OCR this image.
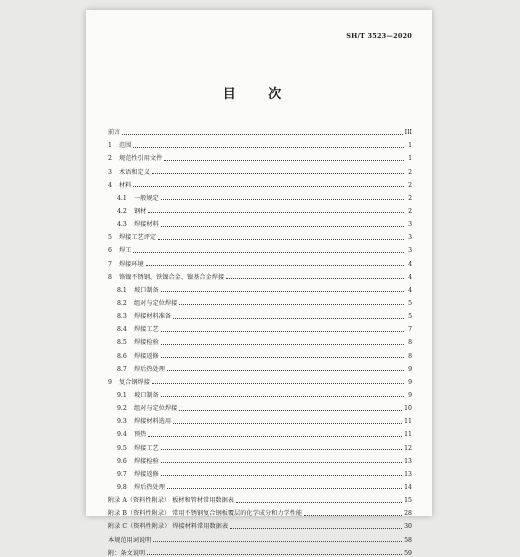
SH/T 3523—2020
目 次
前言	III
1	范围	1
2	规范性引用文件	1
3	术语和定义	2
4	材料	2
4.1	一般规定	2
4.2	钢材	2
4.3	焊接材料	3
5	焊接工艺评定	3
6	焊工	3
7	焊接环境	4
8	铬镍不锈钢、铁镍合金、镍基合金焊接	4
8.1	坡口制备	4
8.2	组对与定位焊接	5
8.3	焊接材料准备	5
8.4	焊接工艺	7
8.5	焊接检验	8
8.6	焊接返修	8
8.7	焊后热处理	9
9	复合钢焊接	9
9.1	坡口制备	9
9.2	组对与定位焊接	10
9.3	焊接材料选用	11
9.4	预热	11
9.5	焊接工艺	12
9.6	焊接检验	13
9.7	焊接返修	13
9.8	焊后热处理	14
附录 A（资料性附录） 板材和管材常用数据表	15
附录 B（资料性附录） 常用不锈钢复合钢板覆层的化学成分和力学性能	28
附录 C（资料性附录） 焊接材料常用数据表	30
本规范用词说明	58
附：条文说明	59
